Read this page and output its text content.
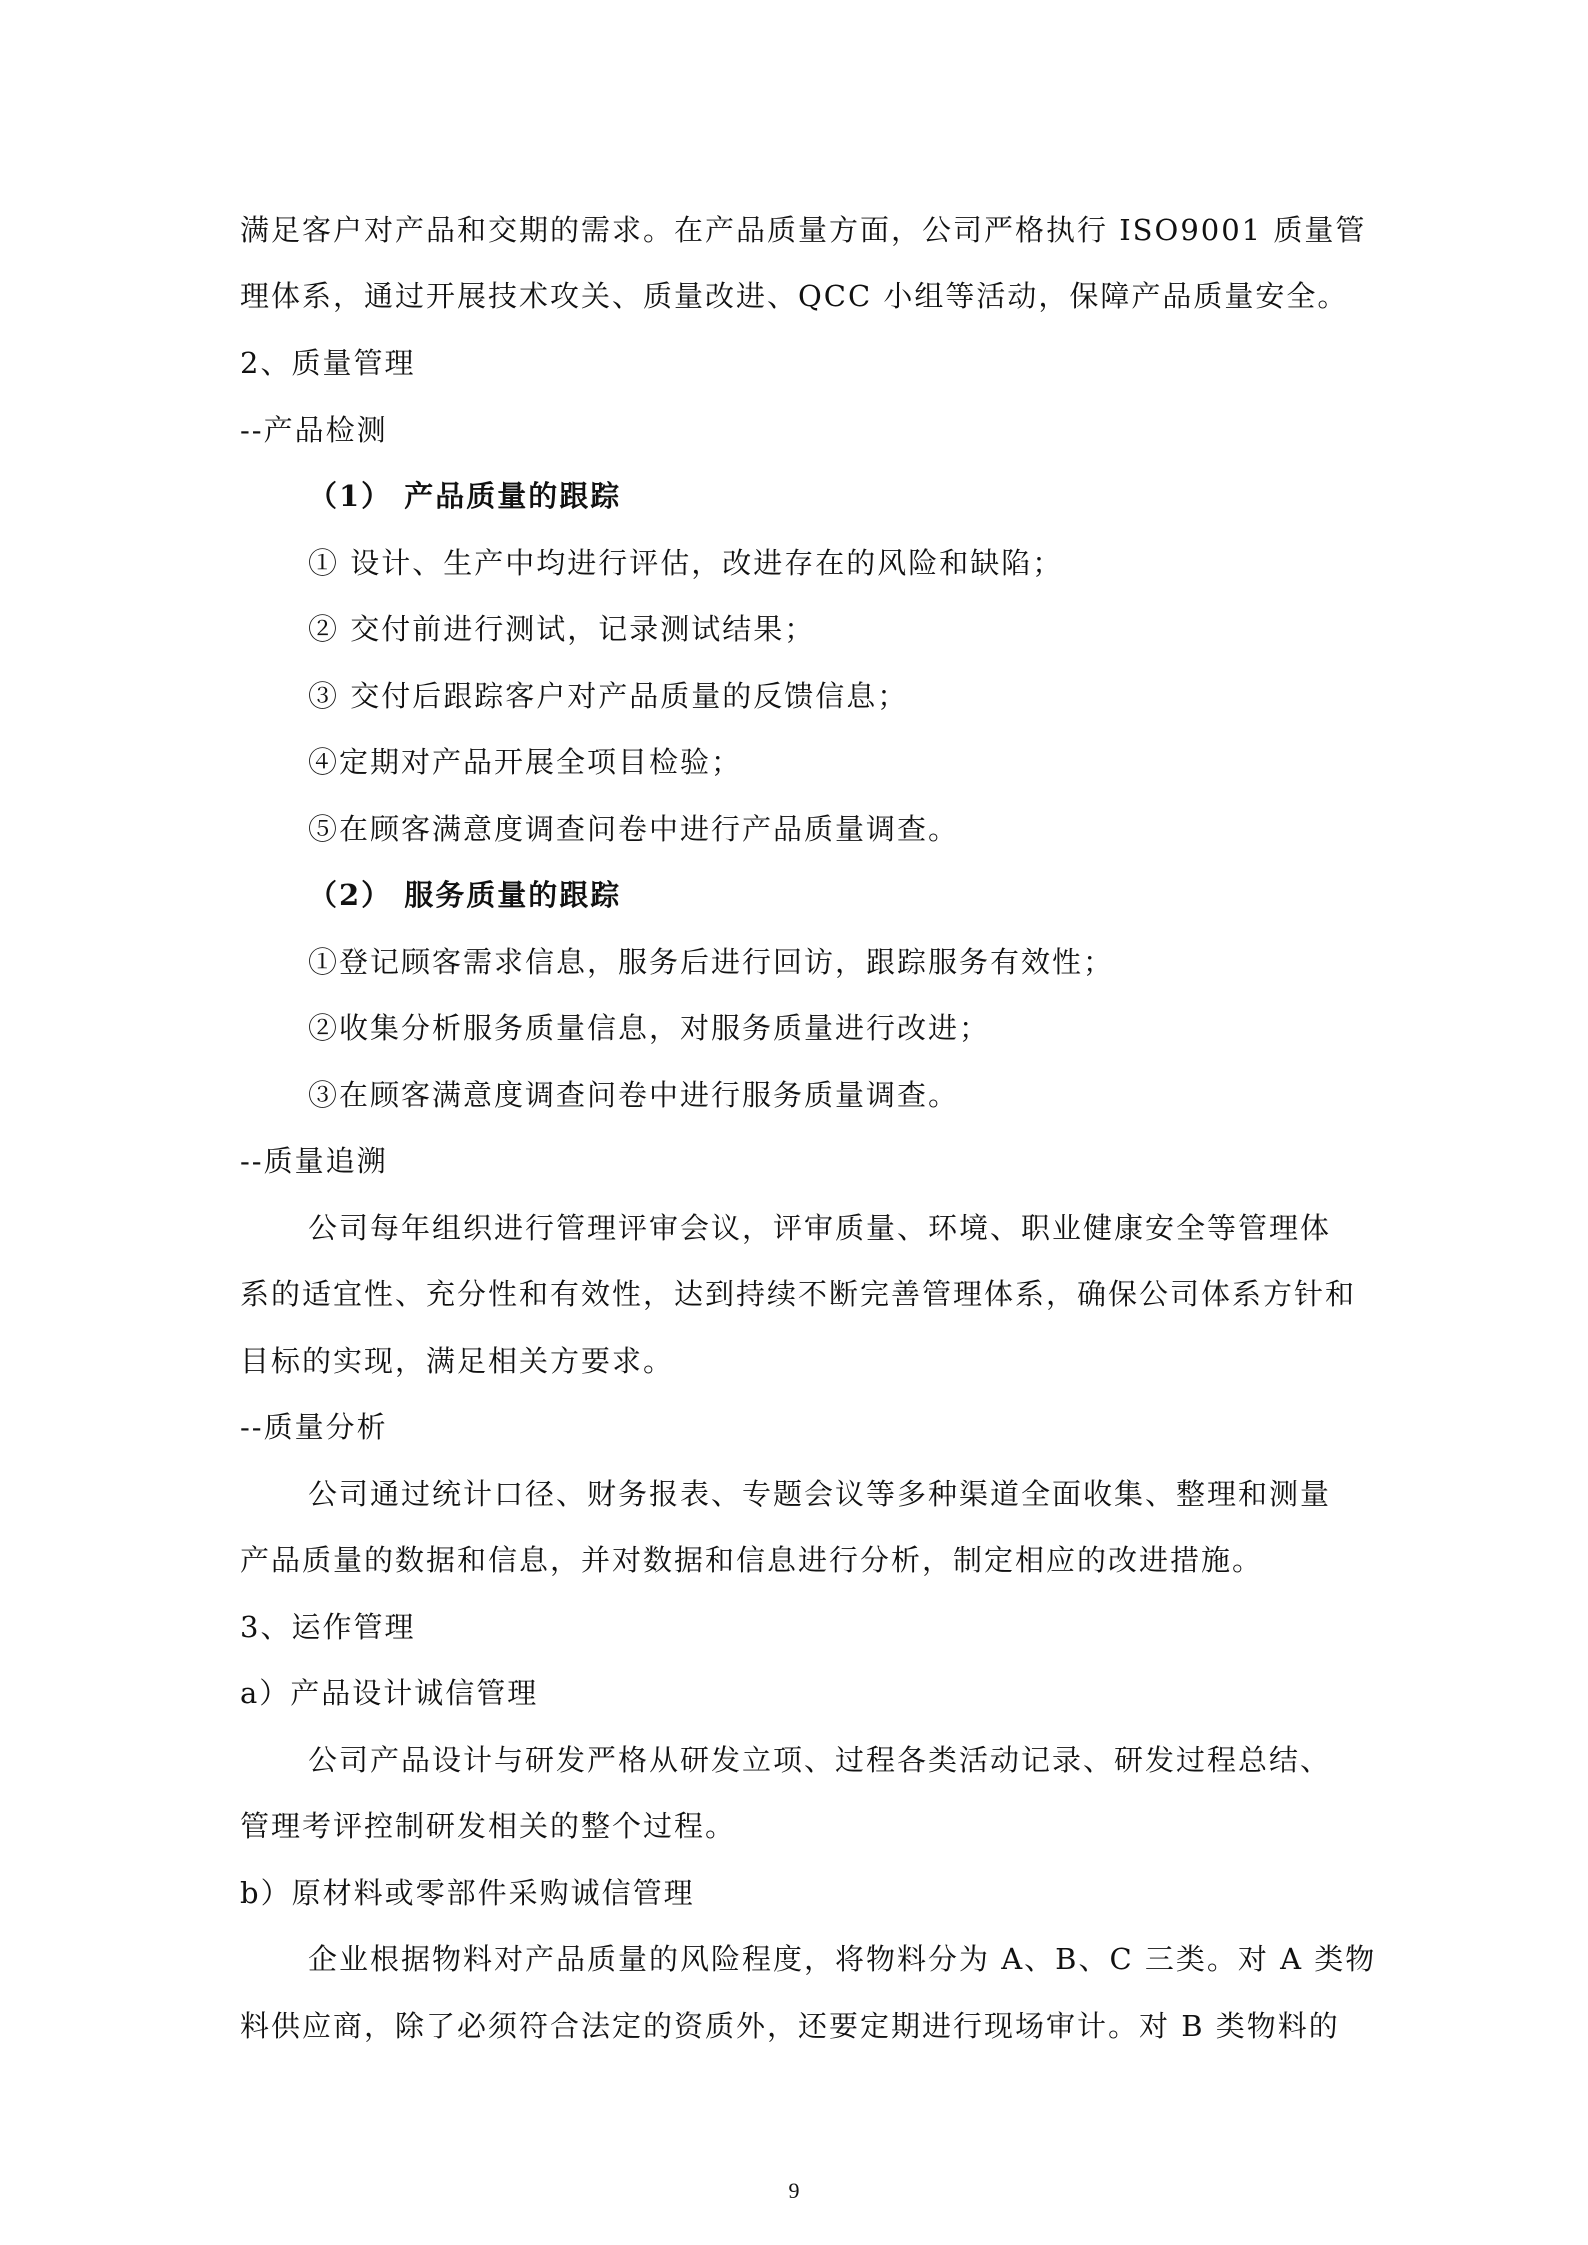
满足客户对产品和交期的需求。在产品质量方面，公司严格执行 ISO9001 质量管
理体系，通过开展技术攻关、质量改进、QCC 小组等活动，保障产品质量安全。
2、质量管理
--产品检测
（1） 产品质量的跟踪
① 设计、生产中均进行评估，改进存在的风险和缺陷；
② 交付前进行测试，记录测试结果；
③ 交付后跟踪客户对产品质量的反馈信息；
④定期对产品开展全项目检验；
⑤在顾客满意度调查问卷中进行产品质量调查。
（2） 服务质量的跟踪
①登记顾客需求信息，服务后进行回访，跟踪服务有效性；
②收集分析服务质量信息，对服务质量进行改进；
③在顾客满意度调查问卷中进行服务质量调查。
--质量追溯
公司每年组织进行管理评审会议，评审质量、环境、职业健康安全等管理体
系的适宜性、充分性和有效性，达到持续不断完善管理体系，确保公司体系方针和
目标的实现，满足相关方要求。
--质量分析
公司通过统计口径、财务报表、专题会议等多种渠道全面收集、整理和测量
产品质量的数据和信息，并对数据和信息进行分析，制定相应的改进措施。
3、运作管理
a）产品设计诚信管理
公司产品设计与研发严格从研发立项、过程各类活动记录、研发过程总结、
管理考评控制研发相关的整个过程。
b）原材料或零部件采购诚信管理
企业根据物料对产品质量的风险程度，将物料分为 A、B、C 三类。对 A 类物
料供应商，除了必须符合法定的资质外，还要定期进行现场审计。对 B 类物料的
9
